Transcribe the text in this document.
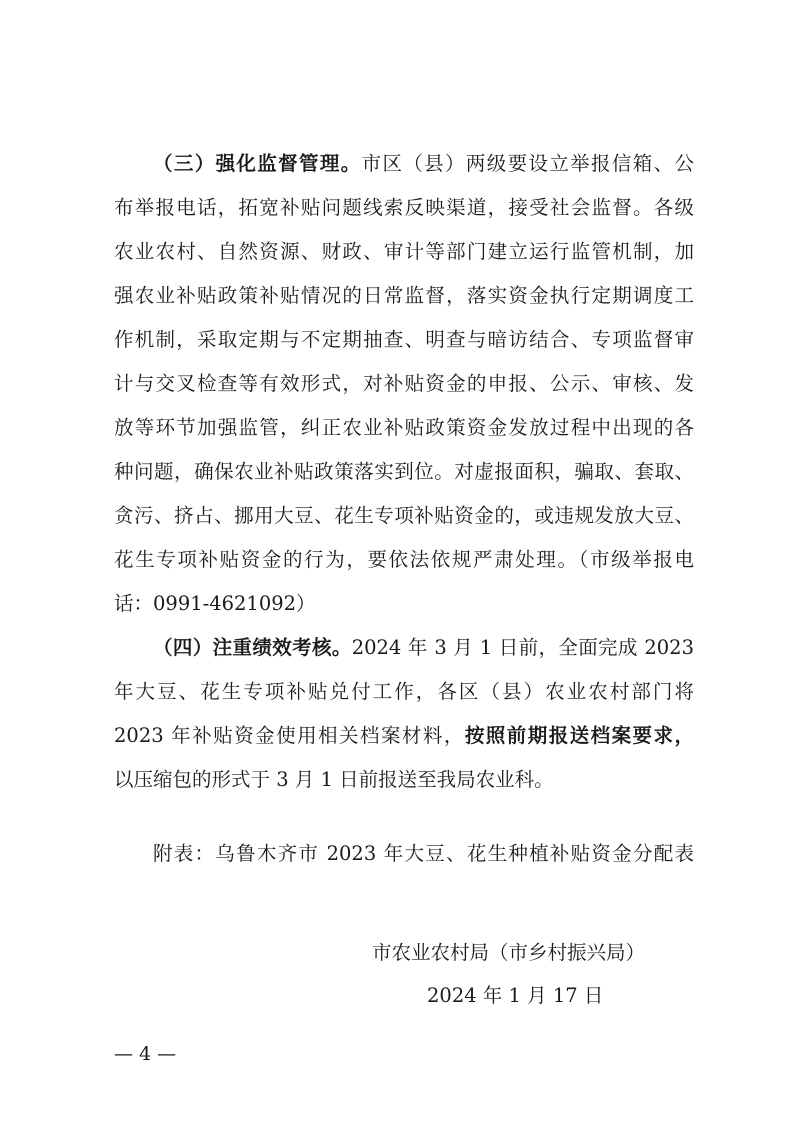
（三）强化监督管理。市区（县）两级要设立举报信箱、公
布举报电话，拓宽补贴问题线索反映渠道，接受社会监督。各级
农业农村、自然资源、财政、审计等部门建立运行监管机制，加
强农业补贴政策补贴情况的日常监督，落实资金执行定期调度工
作机制，采取定期与不定期抽查、明查与暗访结合、专项监督审
计与交叉检查等有效形式，对补贴资金的申报、公示、审核、发
放等环节加强监管，纠正农业补贴政策资金发放过程中出现的各
种问题，确保农业补贴政策落实到位。对虚报面积，骗取、套取、
贪污、挤占、挪用大豆、花生专项补贴资金的，或违规发放大豆、
花生专项补贴资金的行为，要依法依规严肃处理。（市级举报电
话：0991-4621092）
（四）注重绩效考核。2024 年 3 月 1 日前，全面完成 2023
年大豆、花生专项补贴兑付工作，各区（县）农业农村部门将
2023 年补贴资金使用相关档案材料，按照前期报送档案要求，
以压缩包的形式于 3 月 1 日前报送至我局农业科。
附表：乌鲁木齐市 2023 年大豆、花生种植补贴资金分配表
市农业农村局（市乡村振兴局）
2024 年 1 月 17 日
— 4 —
